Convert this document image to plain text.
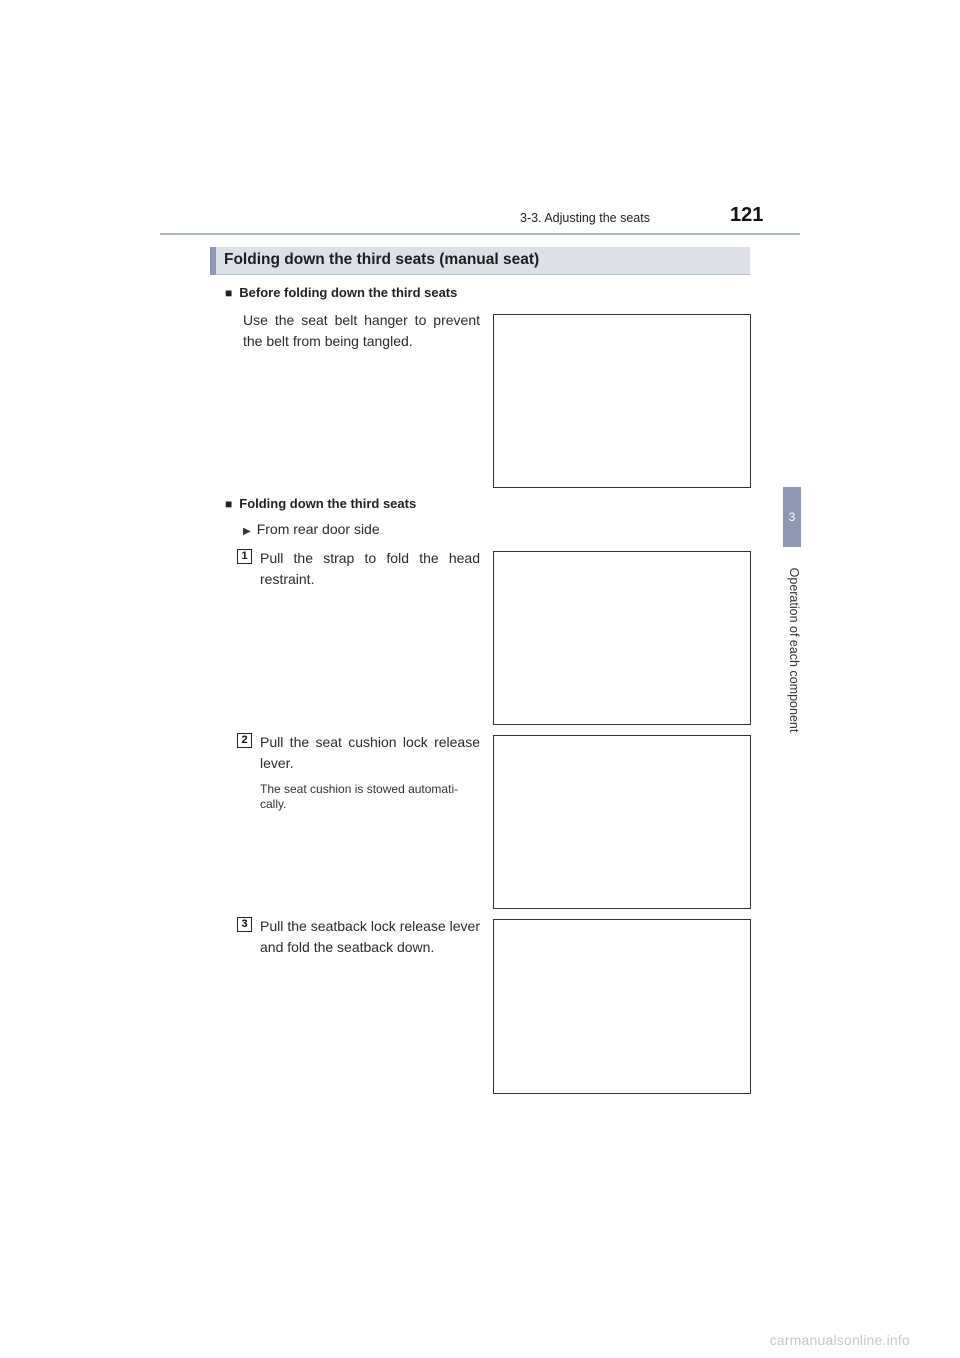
3-3. Adjusting the seats	121
3
Operation of each component
Folding down the third seats (manual seat)
■ Before folding down the third seats
Use the seat belt hanger to prevent the belt from being tangled.
■ Folding down the third seats
▶ From rear door side
1 Pull the strap to fold the head restraint.
2 Pull the seat cushion lock release lever.
The seat cushion is stowed automati-cally.
3 Pull the seatback lock release lever and fold the seatback down.
carmanualsonline.info
